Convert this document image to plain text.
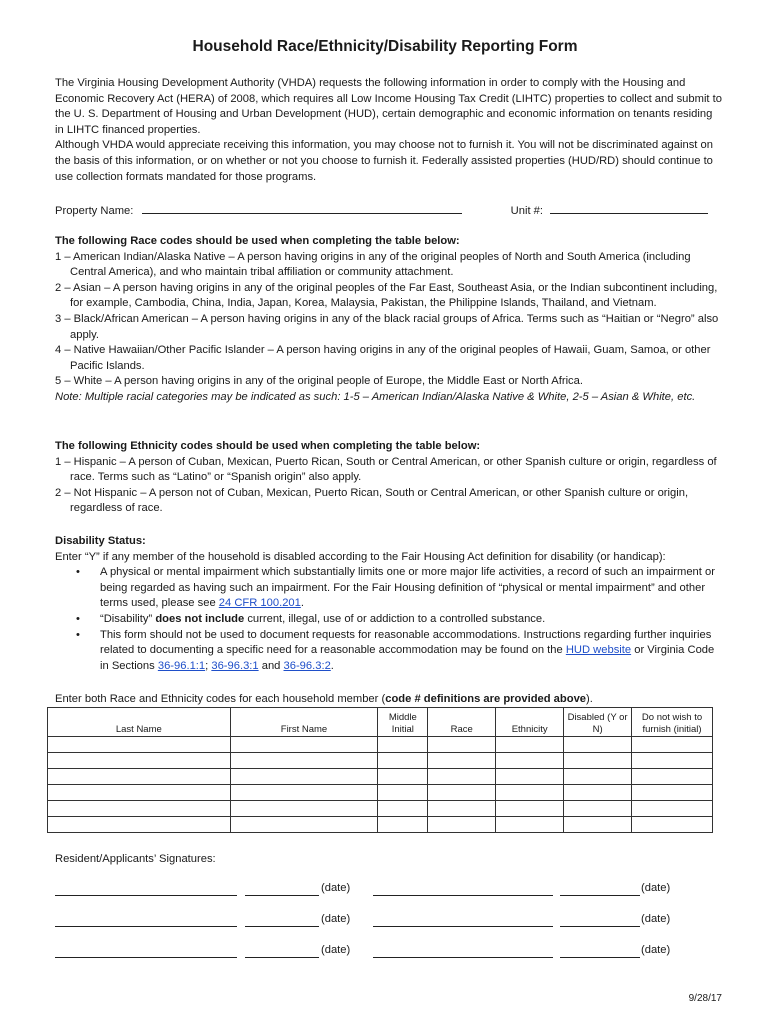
Household Race/Ethnicity/Disability Reporting Form

The Virginia Housing Development Authority (VHDA) requests the following information in order to comply with the Housing and Economic Recovery Act (HERA) of 2008, which requires all Low Income Housing Tax Credit (LIHTC) properties to collect and submit to the U. S. Department of Housing and Urban Development (HUD), certain demographic and economic information on tenants residing in LIHTC financed properties.

Although VHDA would appreciate receiving this information, you may choose not to furnish it. You will not be discriminated against on the basis of this information, or on whether or not you choose to furnish it. Federally assisted properties (HUD/RD) should continue to use collection formats mandated for those programs.

Property Name:	Unit #:

The following Race codes should be used when completing the table below:

1 – American Indian/Alaska Native – A person having origins in any of the original peoples of North and South America (including Central America), and who maintain tribal affiliation or community attachment.

2 – Asian – A person having origins in any of the original peoples of the Far East, Southeast Asia, or the Indian subcontinent including, for example, Cambodia, China, India, Japan, Korea, Malaysia, Pakistan, the Philippine Islands, Thailand, and Vietnam.

3 – Black/African American – A person having origins in any of the black racial groups of Africa. Terms such as “Haitian or “Negro” also apply.

4 – Native Hawaiian/Other Pacific Islander – A person having origins in any of the original peoples of Hawaii, Guam, Samoa, or other Pacific Islands.

5 – White – A person having origins in any of the original people of Europe, the Middle East or North Africa.

Note: Multiple racial categories may be indicated as such: 1-5 – American Indian/Alaska Native & White, 2-5 – Asian & White, etc.

The following Ethnicity codes should be used when completing the table below:

1 – Hispanic – A person of Cuban, Mexican, Puerto Rican, South or Central American, or other Spanish culture or origin, regardless of race. Terms such as “Latino” or “Spanish origin” also apply.

2 – Not Hispanic – A person not of Cuban, Mexican, Puerto Rican, South or Central American, or other Spanish culture or origin, regardless of race.

Disability Status:

Enter “Y” if any member of the household is disabled according to the Fair Housing Act definition for disability (or handicap):

• A physical or mental impairment which substantially limits one or more major life activities, a record of such an impairment or being regarded as having such an impairment. For the Fair Housing definition of “physical or mental impairment” and other terms used, please see 24 CFR 100.201.
• “Disability” does not include current, illegal, use of or addiction to a controlled substance.
• This form should not be used to document requests for reasonable accommodations. Instructions regarding further inquiries related to documenting a specific need for a reasonable accommodation may be found on the HUD website or Virginia Code in Sections 36-96.1:1; 36-96.3:1 and 36-96.3:2.
Enter both Race and Ethnicity codes for each household member (code # definitions are provided above).
Last Name	First Name	Middle Initial	Race	Ethnicity	Disabled (Y or N)	Do not wish to furnish (initial)

Resident/Applicants’ Signatures:
(date)	(date)
(date)	(date)
(date)	(date)
9/28/17
